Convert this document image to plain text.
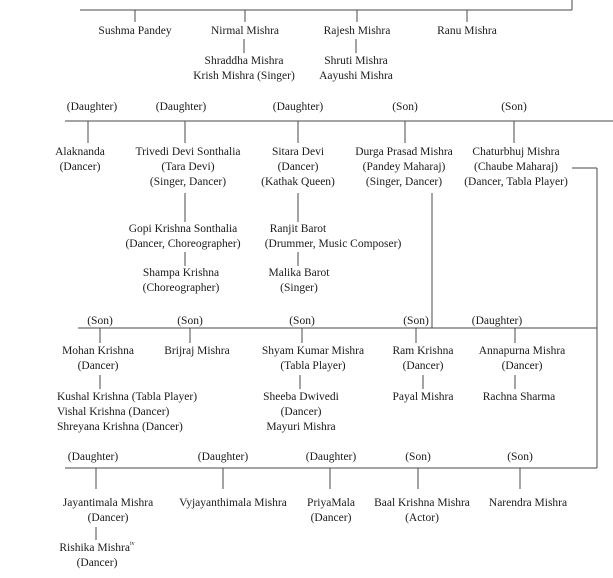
Sushma Pandey	Nirmal Mishra	Rajesh Mishra	Ranu Mishra
Shraddha Mishra
Krish Mishra (Singer)
Shruti Mishra
Aayushi Mishra
(Daughter)	(Daughter)	(Daughter)	(Son)	(Son)
Alaknanda
(Dancer)
Trivedi Devi Sonthalia
(Tara Devi)
(Singer, Dancer)
Sitara Devi
(Dancer)
(Kathak Queen)
Durga Prasad Mishra
(Pandey Maharaj)
(Singer, Dancer)
Chaturbhuj Mishra
(Chaube Maharaj)
(Dancer, Tabla Player)
Gopi Krishna Sonthalia
(Dancer, Choreographer)
Shampa Krishna
(Choreographer)
Ranjit Barot
(Drummer, Music Composer)
Malika Barot
(Singer)
(Son)	(Son)	(Son)	(Son)	(Daughter)
Mohan Krishna
(Dancer)
Brijraj Mishra	Shyam Kumar Mishra
(Tabla Player)
Ram Krishna
(Dancer)
Annapurna Mishra
(Dancer)
Kushal Krishna (Tabla Player)
Vishal Krishna (Dancer)
Shreyana Krishna (Dancer)
Sheeba Dwivedi
(Dancer)
Mayuri Mishra
Payal Mishra	Rachna Sharma
(Daughter)	(Daughter)	(Daughter)	(Son)	(Son)
Jayantimala Mishra
(Dancer)
Vyjayanthimala Mishra PriyaMala
(Dancer)
Baal Krishna Mishra
(Actor)
Narendra Mishra
Rishika Mishra$^{iv}$
(Dancer)
